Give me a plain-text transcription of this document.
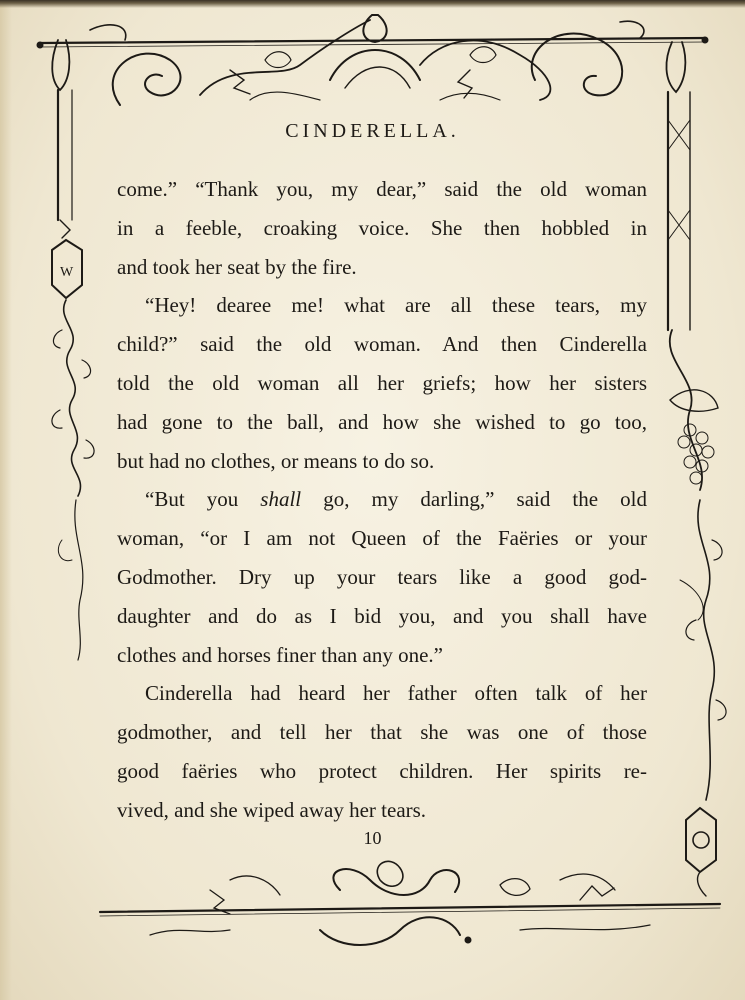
W
CINDERELLA.
come.” “Thank you, my dear,” said the old woman
in a feeble, croaking voice. She then hobbled in
and took her seat by the fire.
“Hey! dearee me! what are all these tears, my
child?” said the old woman. And then Cinderella
told the old woman all her griefs; how her sisters
had gone to the ball, and how she wished to go too,
but had no clothes, or means to do so.
“But you shall go, my darling,” said the old
woman, “or I am not Queen of the Faëries or your
Godmother. Dry up your tears like a good god-
daughter and do as I bid you, and you shall have
clothes and horses finer than any one.”
Cinderella had heard her father often talk of her
godmother, and tell her that she was one of those
good faëries who protect children. Her spirits re-
vived, and she wiped away her tears.
10
